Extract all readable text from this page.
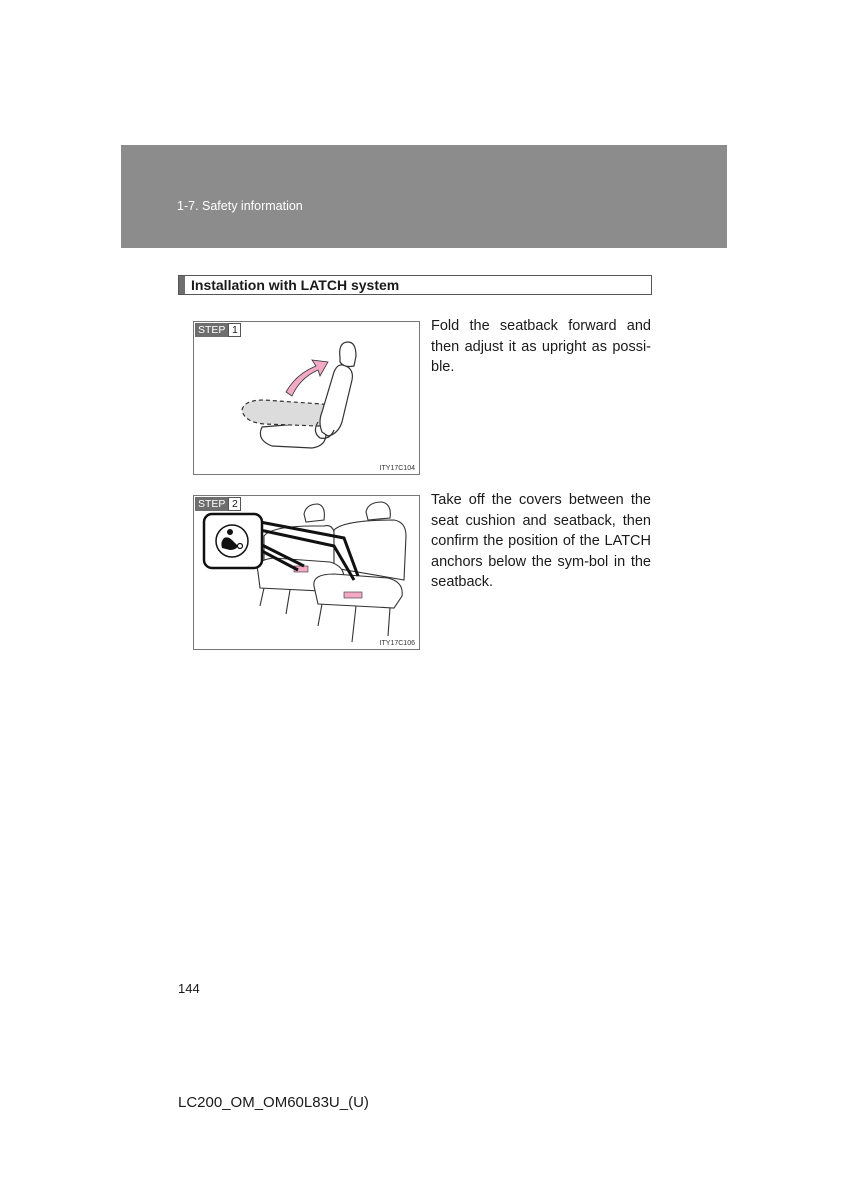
1-7. Safety information
Installation with LATCH system
STEP 1
ITY17C104
Fold the seatback forward and then adjust it as upright as possi-ble.
STEP 2
ITY17C106
Take off the covers between the seat cushion and seatback, then confirm the position of the LATCH anchors below the sym-bol in the seatback.
144
LC200_OM_OM60L83U_(U)
